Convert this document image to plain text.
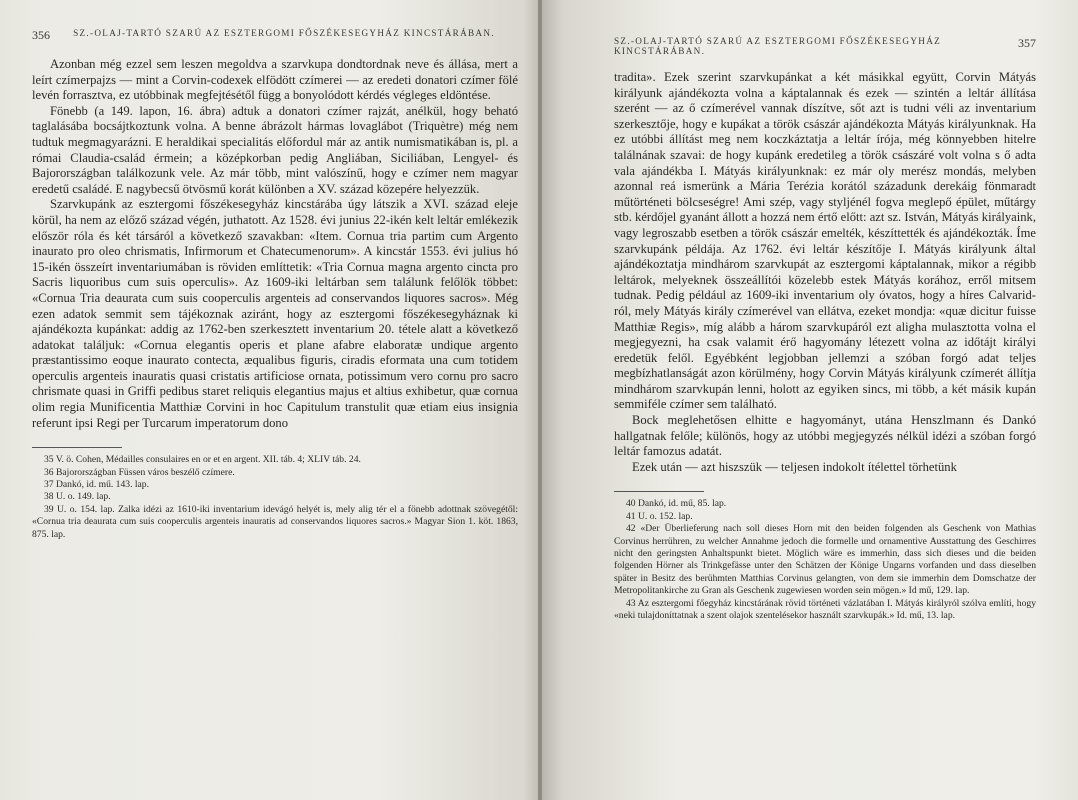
356	SZ.-OLAJ-TARTÓ SZARÚ AZ ESZTERGOMI FŐSZÉKESEGYHÁZ KINCSTÁRÁBAN.

Azonban még ezzel sem leszen megoldva a szarvkupa dondtordnak neve és állása, mert a leírt czímerpajzs — mint a Corvin-codexek elfödött czímerei — az eredeti donatori czímer fölé levén forrasztva, ez utóbbinak megfejtésétől függ a bonyolódott kérdés végleges eldöntése.

Fönebb (a 149. lapon, 16. ábra) adtuk a donatori czímer rajzát, anélkül, hogy beható taglalásába bocsájtkoztunk volna. A benne ábrázolt hármas lovaglábot (Triquètre) még nem tudtuk megmagyarázni. E heraldikai specialitás előfordul már az antik numismatikában is, pl. a római Claudia-család érmein; a középkorban pedig Angliában, Siciliában, Lengyel- és Bajorországban találkozunk vele. Az már több, mint valószínű, hogy e czímer nem magyar eredetű családé. E nagybecsű ötvösmű korát különben a XV. század közepére helyezzük.

Szarvkupánk az esztergomi főszékesegyház kincstárába úgy látszik a XVI. század eleje körül, ha nem az előző század végén, juthatott. Az 1528. évi junius 22-ikén kelt leltár emlékezik először róla és két társáról a következő szavakban: «Item. Cornua tria partim cum Argento inaurato pro oleo chrismatis, Infirmorum et Chatecumenorum». A kincstár 1553. évi julius hó 15-ikén összeírt inventariumában is röviden említtetik: «Tria Cornua magna argento cincta pro Sacris liquoribus cum suis operculis». Az 1609-iki leltárban sem találunk felőlök többet: «Cornua Tria deaurata cum suis cooperculis argenteis ad conservandos liquores sacros». Még ezen adatok semmit sem tájékoznak aziránt, hogy az esztergomi főszékesegyháznak ki ajándékozta kupánkat: addig az 1762-ben szerkesztett inventarium 20. tétele alatt a következő adatokat találjuk: «Cornua elegantis operis et plane afabre elaboratæ undique argento præstantissimo eoque inaurato contecta, æqualibus figuris, ciradis eformata una cum totidem operculis argenteis inauratis quasi cristatis artificiose ornata, potissimum vero cornu pro sacro chrismate quasi in Griffi pedibus staret reliquis elegantius majus et altius exhibetur, quæ cornua olim regia Munificentia Matthiæ Corvini in hoc Capitulum transtulit quæ etiam eius insignia referunt ipsi Regi per Turcarum imperatorum dono

35 V. ö. Cohen, Médailles consulaires en or et en argent. XII. táb. 4; XLIV táb. 24.

36 Bajorországban Füssen város beszélő czímere.

37 Dankó, id. mű. 143. lap.

38 U. o. 149. lap.

39 U. o. 154. lap. Zalka idézi az 1610-iki inventarium idevágó helyét is, mely alig tér el a fönebb adottnak szövegétől: «Cornua tria deaurata cum suis cooperculis argenteis inauratis ad conservandos liquores sacros.» Magyar Sion 1. köt. 1863, 875. lap.

SZ.-OLAJ-TARTÓ SZARÚ AZ ESZTERGOMI FŐSZÉKESEGYHÁZ KINCSTÁRÁBAN.
357

tradita». Ezek szerint szarvkupánkat a két másikkal együtt, Corvin Mátyás királyunk ajándékozta volna a káptalannak és ezek — szintén a leltár állítása szerént — az ő czímerével vannak díszítve, sőt azt is tudni véli az inventarium szerkesztője, hogy e kupákat a török császár ajándékozta Mátyás királyunknak. Ha ez utóbbi állítást meg nem koczkáztatja a leltár írója, még könnyebben hitelre találnának szavai: de hogy kupánk eredetileg a török császáré volt volna s ő adta vala ajándékba I. Mátyás királyunknak: ez már oly merész mondás, melyben azonnal reá ismerünk a Mária Terézia korától századunk derekáig fönmaradt műtörténeti bölcseségre! Ami szép, vagy styljénél fogva meglepő épület, műtárgy stb. kérdőjel gyanánt állott a hozzá nem értő előtt: azt sz. István, Mátyás királyaink, vagy legroszabb esetben a török császár emelték, készíttették és ajándékozták. Íme szarvkupánk példája. Az 1762. évi leltár készítője I. Mátyás királyunk által ajándékoztatja mindhárom szarvkupát az esztergomi káptalannak, mikor a régibb leltárok, melyeknek összeállítói közelebb estek Mátyás korához, erről mitsem tudnak. Pedig például az 1609-iki inventarium oly óvatos, hogy a híres Calvarid-ról, mely Mátyás király czímerével van ellátva, ezeket mondja: «quæ dicitur fuisse Matthiæ Regis», míg alább a három szarvkupáról ezt aligha mulasztotta volna el megjegyezni, ha csak valamit érő hagyomány létezett volna az időtájt királyi eredetük felől. Egyébként legjobban jellemzi a szóban forgó adat teljes megbízhatlanságát azon körülmény, hogy Corvin Mátyás királyunk czímerét állítja mindhárom szarvkupán lenni, holott az egyiken sincs, mi több, a két másik kupán semmiféle czímer sem található.

Bock meglehetősen elhitte e hagyományt, utána Henszlmann és Dankó hallgatnak felőle; különös, hogy az utóbbi megjegyzés nélkül idézi a szóban forgó leltár famozus adatát.

Ezek után — azt hiszszük — teljesen indokolt ítélettel törhetünk

40 Dankó, id. mű, 85. lap.

41 U. o. 152. lap.

42 «Der Überlieferung nach soll dieses Horn mit den beiden folgenden als Geschenk von Mathias Corvinus herrühren, zu welcher Annahme jedoch die formelle und ornamentive Ausstattung des Geschirres nicht den geringsten Anhaltspunkt bietet. Möglich wäre es immerhin, dass sich dieses und die beiden folgenden Hörner als Trinkgefässe unter den Schätzen der Könige Ungarns vorfanden und dass dieselben später in Besitz des berühmten Matthias Corvinus gelangten, von dem sie immerhin dem Domschatze der Metropolitankirche zu Gran als Geschenk zugewiesen worden sein mögen.» Id mű, 129. lap.

43 Az esztergomi főegyház kincstárának rövid történeti vázlatában I. Mátyás királyról szólva említi, hogy «neki tulajdoníttatnak a szent olajok szentelésekor használt szarvkupák.» Id. mű, 13. lap.
